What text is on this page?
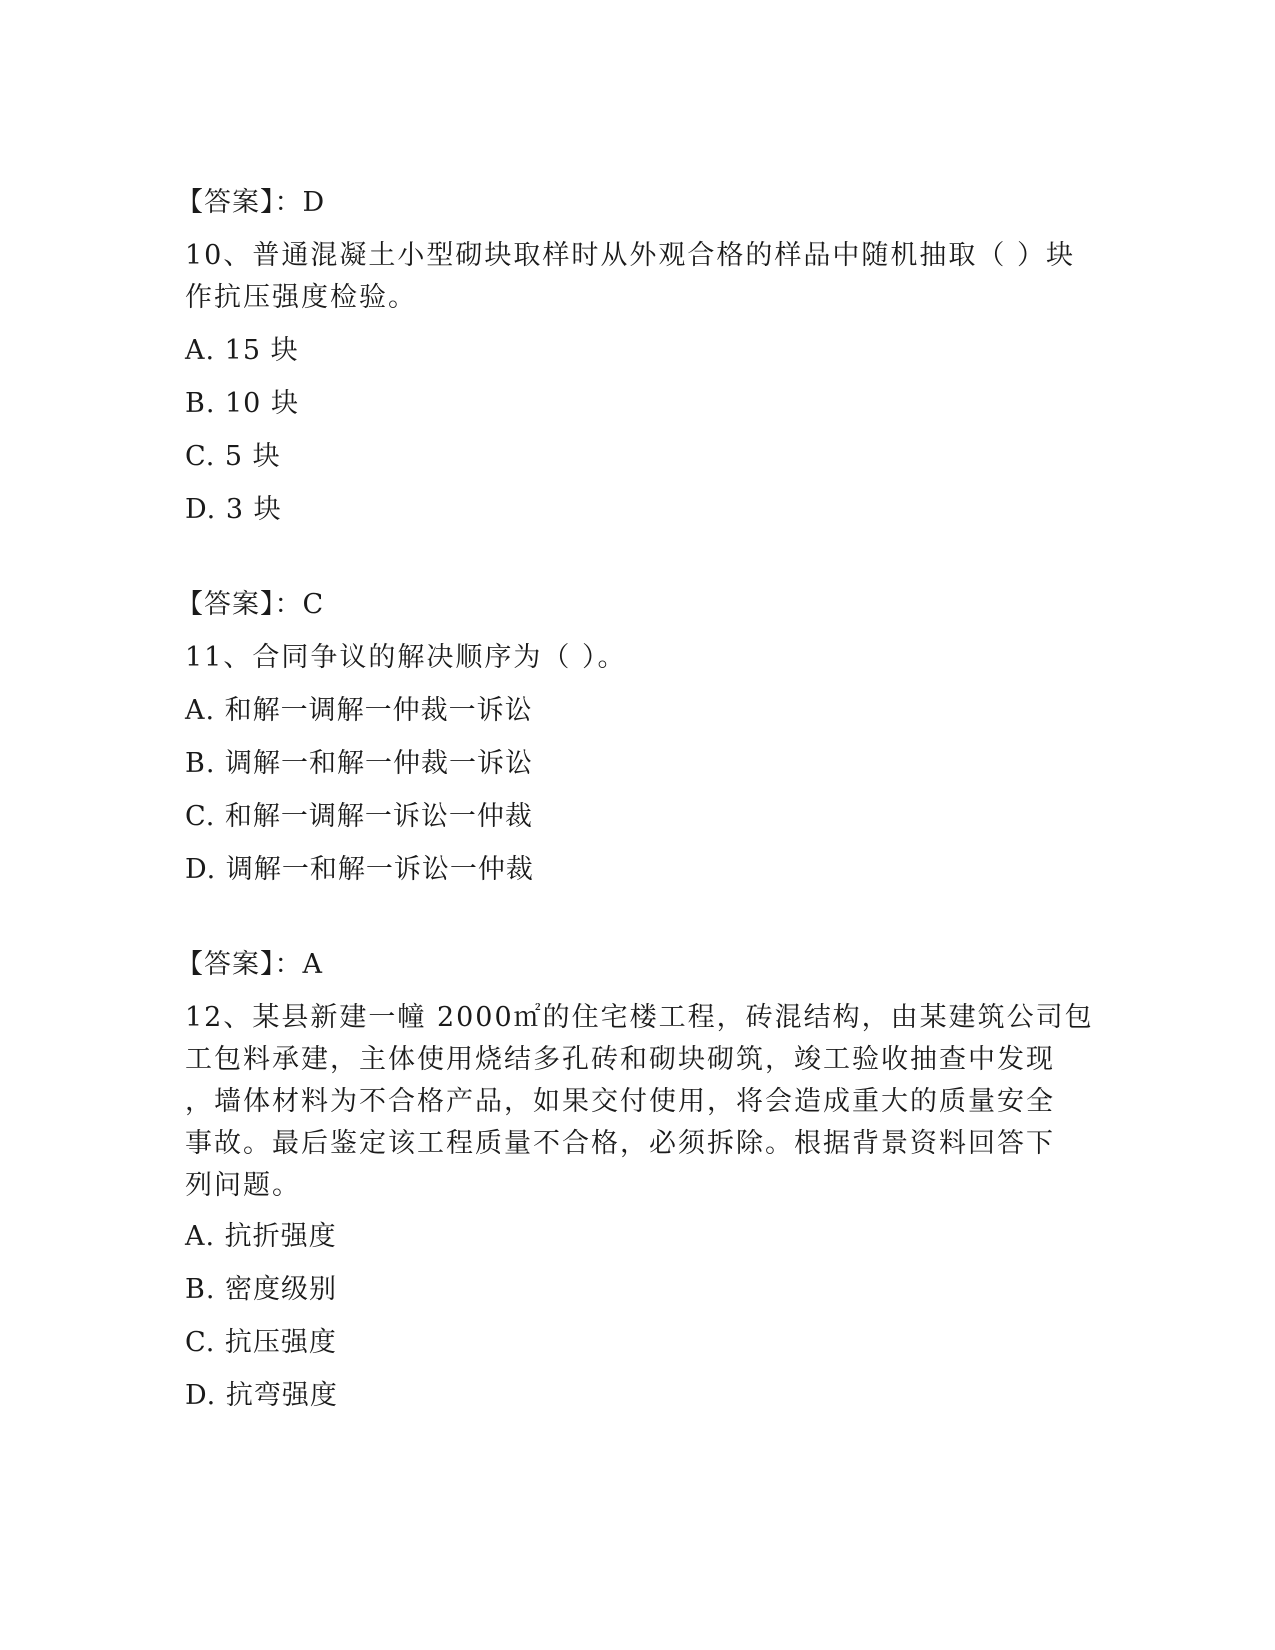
【答案】：D
10、普通混凝土小型砌块取样时从外观合格的样品中随机抽取（ ）块
作抗压强度检验。
A. 15 块
B. 10 块
C. 5 块
D. 3 块
【答案】：C
11、合同争议的解决顺序为（ ）。
A. 和解一调解一仲裁一诉讼
B. 调解一和解一仲裁一诉讼
C. 和解一调解一诉讼一仲裁
D. 调解一和解一诉讼一仲裁
【答案】：A
12、某县新建一幢 2000㎡的住宅楼工程，砖混结构，由某建筑公司包
工包料承建，主体使用烧结多孔砖和砌块砌筑，竣工验收抽查中发现
，墙体材料为不合格产品，如果交付使用，将会造成重大的质量安全
事故。最后鉴定该工程质量不合格，必须拆除。根据背景资料回答下
列问题。
A. 抗折强度
B. 密度级别
C. 抗压强度
D. 抗弯强度
